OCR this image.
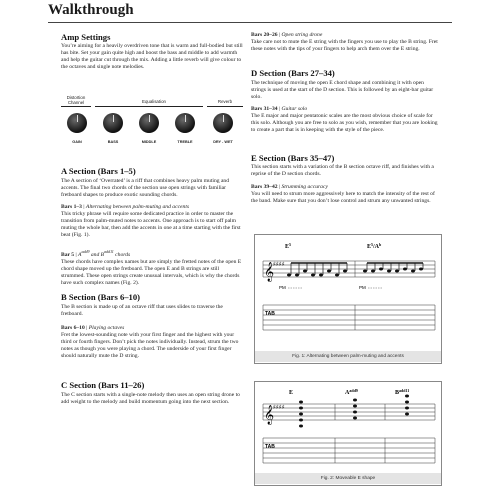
Walkthrough
Amp Settings
You’re aiming for a heavily overdriven tone that is warm and full-bodied but still has bite. Set your gain quite high and boost the bass and middle to add warmth and help the guitar cut through the mix. Adding a little reverb will give colour to the octaves and single note melodies.
Distortion
Channel	Equalisation	Reverb
GAIN	BASS	MIDDLE	TREBLE	DRY - WET
A Section (Bars 1–5)
The A section of ‘Overrated’ is a riff that combines heavy palm muting and accents. The final two chords of the section use open strings with familiar fretboard shapes to produce exotic sounding chords.
Bars 1–3 | Alternating between palm-muting and accents
This tricky phrase will require some dedicated practice in order to master the transition from palm-muted notes to accents. One approach is to start off palm muting the whole bar, then add the accents in one at a time starting with the first beat (Fig. 1).
Bar 5 | $A^{add9}$ and $B^{add11}$ chords
These chords have complex names but are simply the fretted notes of the open E chord shape moved up the fretboard. The open E and B strings are still strummed. These open strings create unusual intervals, which is why the chords have such complex names (Fig. 2).
B Section (Bars 6–10)
The B section is made up of an octave riff that uses slides to traverse the fretboard.
Bars 6–10 | Playing octaves
Fret the lowest-sounding note with your first finger and the highest with your third or fourth fingers. Don’t pick the notes individually. Instead, strum the two notes as though you were playing a chord. The underside of your first finger should naturally mute the D string.
C Section (Bars 11–26)
The C section starts with a single-note melody then uses an open string drone to add weight to the melody and build momentum going into the next section.
Bars 20–26 | Open string drone
Take care not to mute the E string with the fingers you use to play the B string. Fret these notes with the tips of your fingers to help arch them over the E string.
D Section (Bars 27–34)
The technique of moving the open E chord shape and combining it with open strings is used at the start of the D section. This is followed by an eight-bar guitar solo.
Bars 31–34 | Guitar solo
The E major and major pentatonic scales are the most obvious choice of scale for this solo. Although you are free to solo as you wish, remember that you are looking to create a part that is in keeping with the style of the piece.
E Section (Bars 35–47)
This section starts with a variation of the B section octave riff, and finishes with a reprise of the D section chords.
Bars 39–42 | Strumming accuracy
You will need to strum more aggressively here to match the intensity of the rest of the band. Make sure that you don’t lose control and strum any unwanted strings.
$E^5$	$E^5/A^b$
𝄞
♯♯♯♯
PM	PM
TAB
Fig. 1: Alternating between palm-muting and accents
E	$A^{add9}$	$B^{add11}$
𝄞
♯♯♯♯
TAB
Fig. 2: Moveable E shape
